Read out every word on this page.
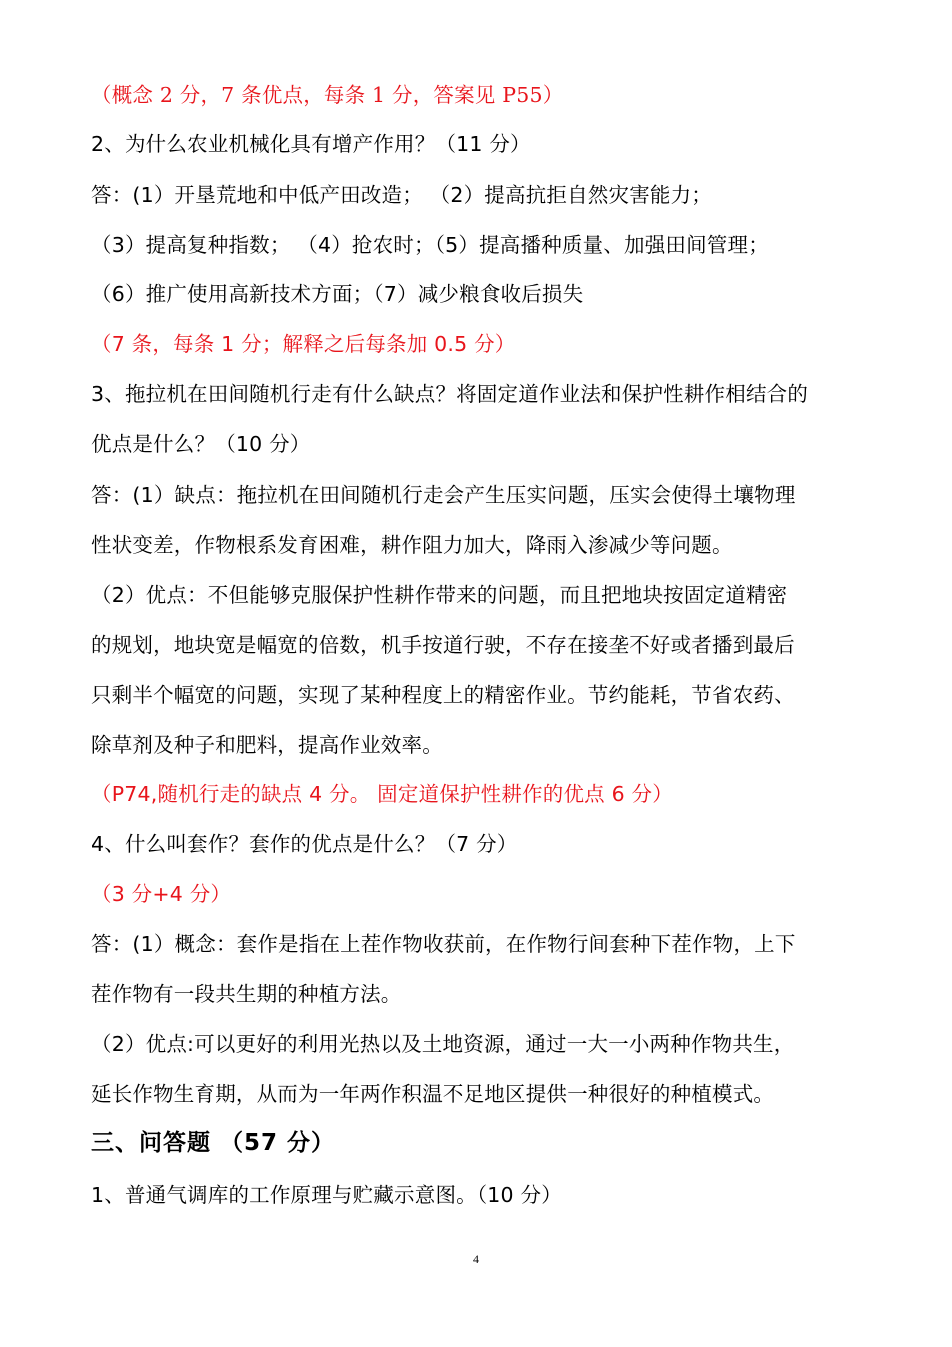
（概念 2 分，7 条优点，每条 1 分，答案见 P55）
2、为什么农业机械化具有增产作用？（11 分）
答：(1）开垦荒地和中低产田改造； （2）提高抗拒自然灾害能力；
（3）提高复种指数； （4）抢农时；（5）提高播种质量、加强田间管理；
（6）推广使用高新技术方面；（7）减少粮食收后损失
（7 条，每条 1 分；解释之后每条加 0.5 分）
3、拖拉机在田间随机行走有什么缺点？将固定道作业法和保护性耕作相结合的
优点是什么？（10 分）
答：(1）缺点：拖拉机在田间随机行走会产生压实问题，压实会使得土壤物理
性状变差，作物根系发育困难，耕作阻力加大，降雨入渗减少等问题。
（2）优点：不但能够克服保护性耕作带来的问题，而且把地块按固定道精密
的规划，地块宽是幅宽的倍数，机手按道行驶，不存在接垄不好或者播到最后
只剩半个幅宽的问题，实现了某种程度上的精密作业。节约能耗，节省农药、
除草剂及种子和肥料，提高作业效率。
（P74,随机行走的缺点 4 分。 固定道保护性耕作的优点 6 分）
4、什么叫套作？套作的优点是什么？（7 分）
（3 分+4 分）
答：(1）概念：套作是指在上茬作物收获前，在作物行间套种下茬作物，上下
茬作物有一段共生期的种植方法。
（2）优点:可以更好的利用光热以及土地资源，通过一大一小两种作物共生，
延长作物生育期，从而为一年两作积温不足地区提供一种很好的种植模式。
三、问答题 （57 分）
1、普通气调库的工作原理与贮藏示意图。（10 分）
4
